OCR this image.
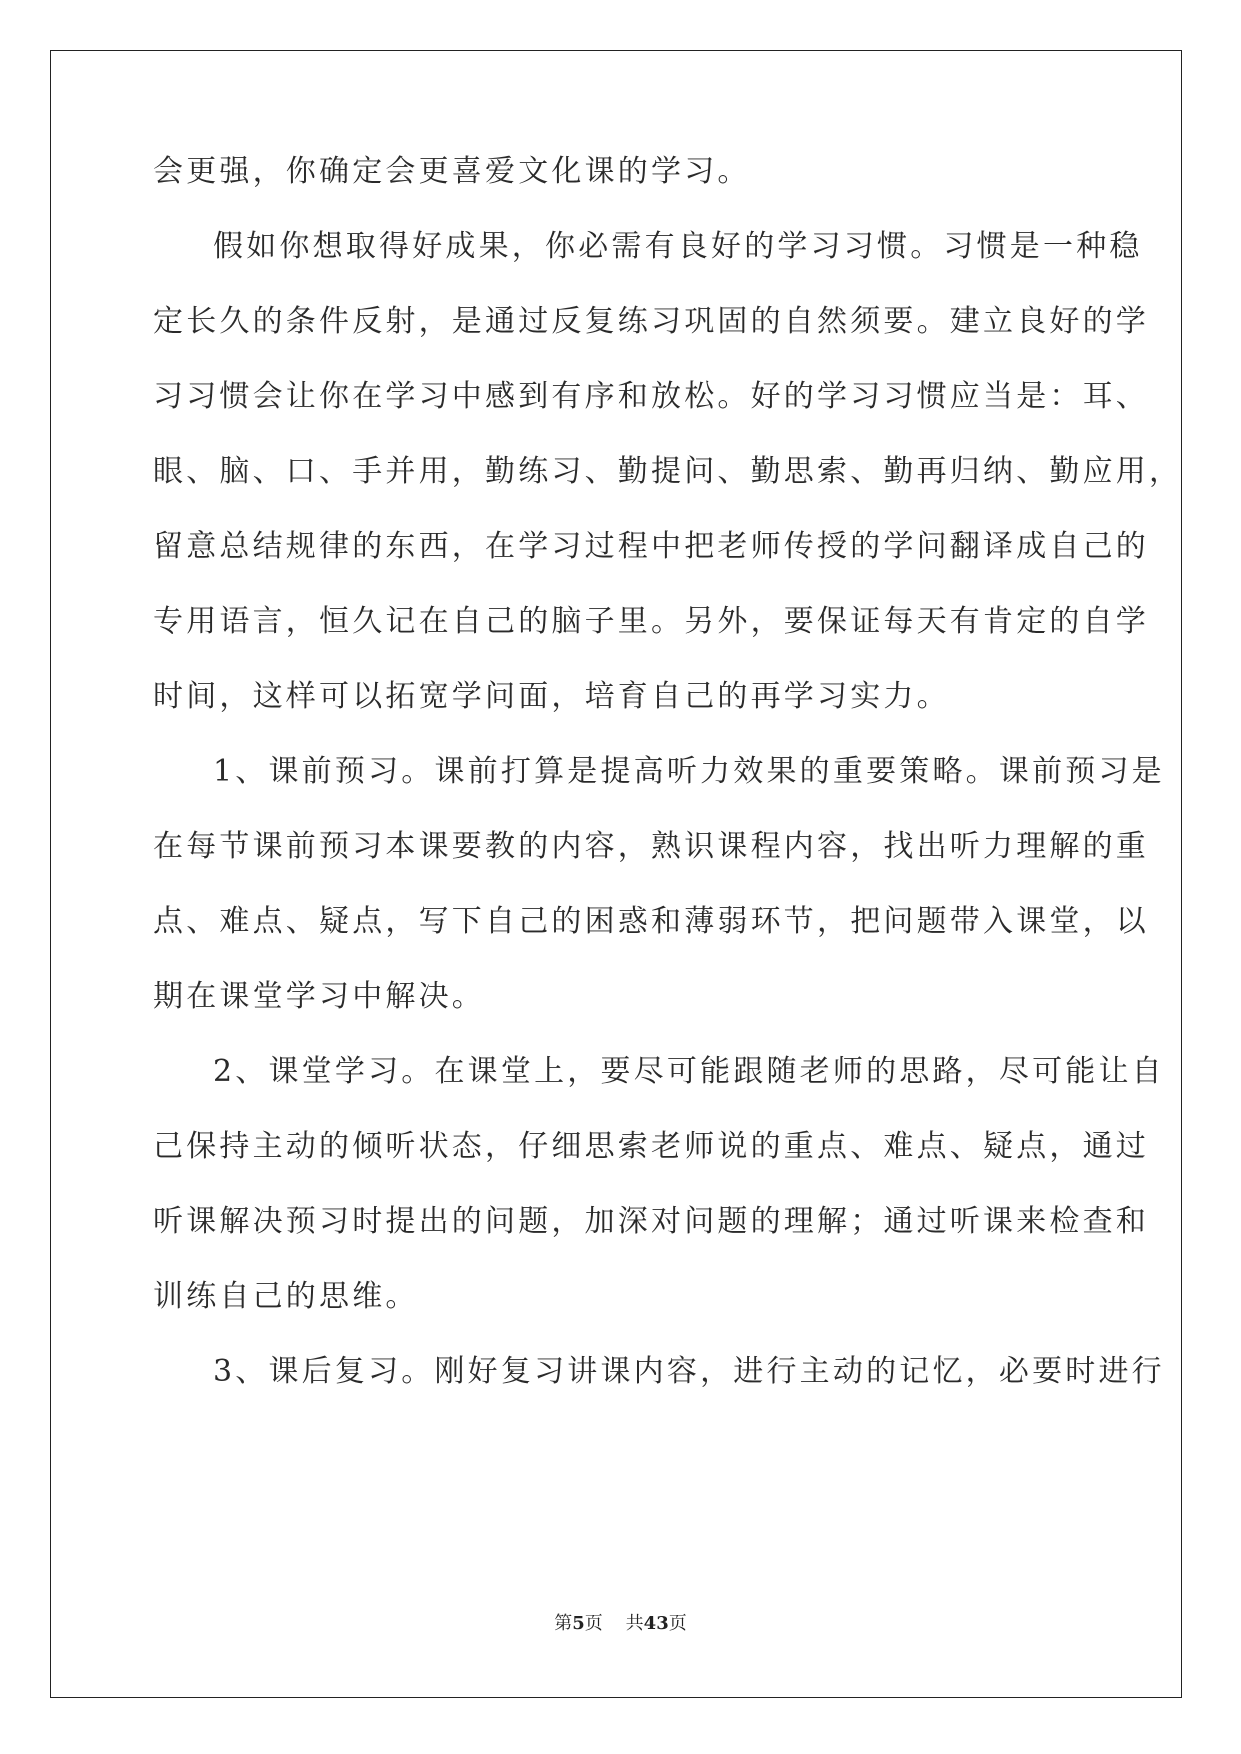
会更强，你确定会更喜爱文化课的学习。
假如你想取得好成果，你必需有良好的学习习惯。习惯是一种稳
定长久的条件反射，是通过反复练习巩固的自然须要。建立良好的学
习习惯会让你在学习中感到有序和放松。好的学习习惯应当是：耳、
眼、脑、口、手并用，勤练习、勤提问、勤思索、勤再归纳、勤应用，
留意总结规律的东西，在学习过程中把老师传授的学问翻译成自己的
专用语言，恒久记在自己的脑子里。另外，要保证每天有肯定的自学
时间，这样可以拓宽学问面，培育自己的再学习实力。
1、课前预习。课前打算是提高听力效果的重要策略。课前预习是
在每节课前预习本课要教的内容，熟识课程内容，找出听力理解的重
点、难点、疑点，写下自己的困惑和薄弱环节，把问题带入课堂，以
期在课堂学习中解决。
2、课堂学习。在课堂上，要尽可能跟随老师的思路，尽可能让自
己保持主动的倾听状态，仔细思索老师说的重点、难点、疑点，通过
听课解决预习时提出的问题，加深对问题的理解；通过听课来检查和
训练自己的思维。
3、课后复习。刚好复习讲课内容，进行主动的记忆，必要时进行
第5页 共43页
